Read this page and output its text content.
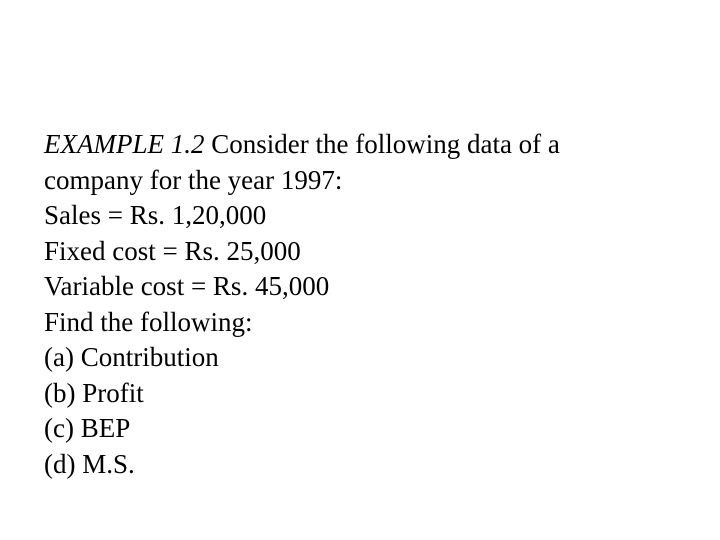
EXAMPLE 1.2 Consider the following data of a
company for the year 1997:
Sales = Rs. 1,20,000
Fixed cost = Rs. 25,000
Variable cost = Rs. 45,000
Find the following:
(a) Contribution
(b) Profit
(c) BEP
(d) M.S.
